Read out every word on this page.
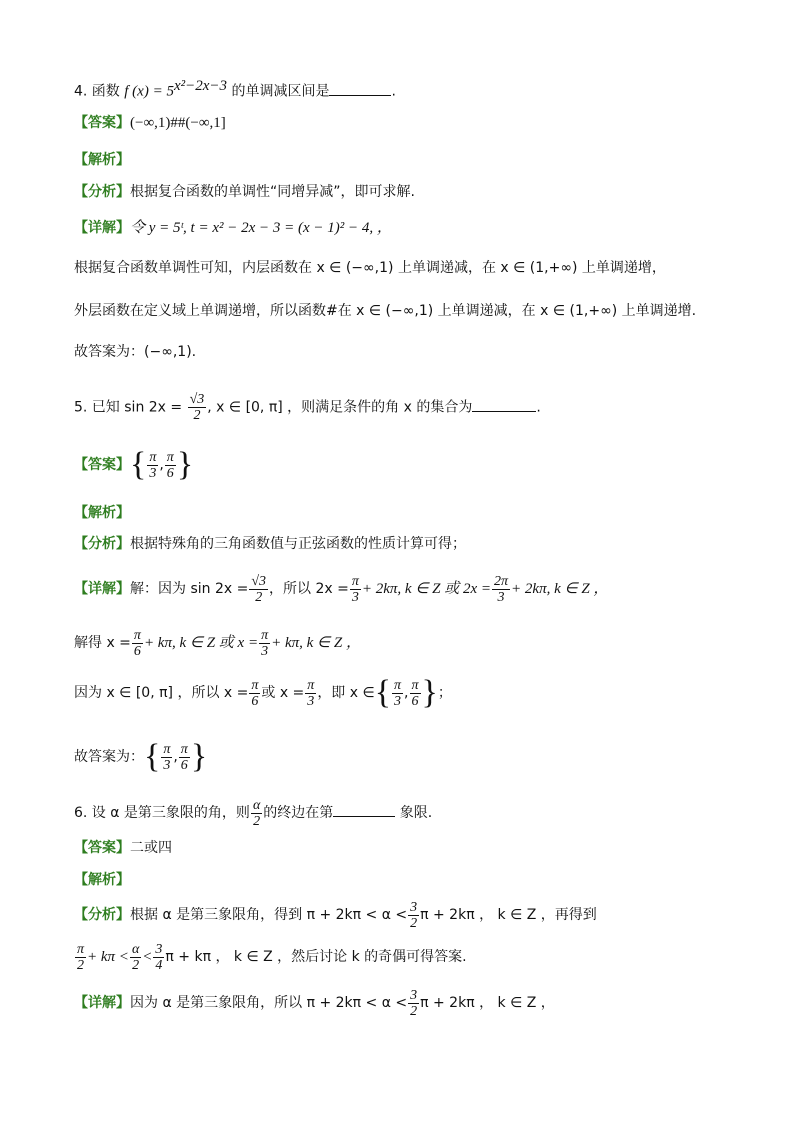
4. 函数 f $(x) = 5^{x^2-2x-3}$ 的单调减区间是	.
【答案】(−∞,1)##(−∞,1]
【解析】
【分析】根据复合函数的单调性“同增异减”，即可求解.
【详解】令 y = 5ᵗ, t = x² − 2x − 3 = (x − 1)² − 4, ，
根据复合函数单调性可知，内层函数在 x ∈ (−∞,1) 上单调递减，在 x ∈ (1,+∞) 上单调递增，
外层函数在定义域上单调递增，所以函数#在 x ∈ (−∞,1) 上单调递减，在 x ∈ (1,+∞) 上单调递增.
故答案为：(−∞,1).
5. 已知 $\sin 2x = \frac{√3}{2}$ , x ∈ [0, π] ，则满足条件的角 x 的集合为	.
【答案】{ $\frac{\pi}{3}$ , $\frac{\pi}{6}$ }
【解析】
【分析】根据特殊角的三角函数值与正弦函数的性质计算可得；
【详解】解：因为 $\sin 2x = \frac{√3}{2}$ ，所以 $2x = \frac{\pi}{3} + 2k\pi$, k ∈ Z 或 $2x = \frac{2\pi}{3} + 2k\pi$, k ∈ Z ，
解得 $x = \frac{\pi}{6} + k\pi$, k ∈ Z 或 $x = \frac{\pi}{3} + k\pi$, k ∈ Z ，
因为 x ∈ [0, π] ，所以 $x = \frac{\pi}{6}$ 或 $x = \frac{\pi}{3}$ ，即 x ∈{ $\frac{\pi}{3}$ , $\frac{\pi}{6}$ }；
故答案为：{ $\frac{\pi}{3}$ , $\frac{\pi}{6}$ }
6. 设 α 是第三象限的角，则 $\frac{\alpha}{2}$ 的终边在第	象限.
【答案】二或四
【解析】
【分析】根据 α 是第三象限角，得到 $\pi + 2k\pi < \alpha < \frac{3}{2}$ π + 2kπ ， k ∈ Z ，再得到
$\frac{\pi}{2} + k\pi < \frac{\alpha}{2} < \frac{3}{4}$ π + kπ ， k ∈ Z ，然后讨论 k 的奇偶可得答案.
【详解】因为 α 是第三象限角，所以 $\pi + 2k\pi < \alpha < \frac{3}{2}$ π + 2kπ ， k ∈ Z ，
